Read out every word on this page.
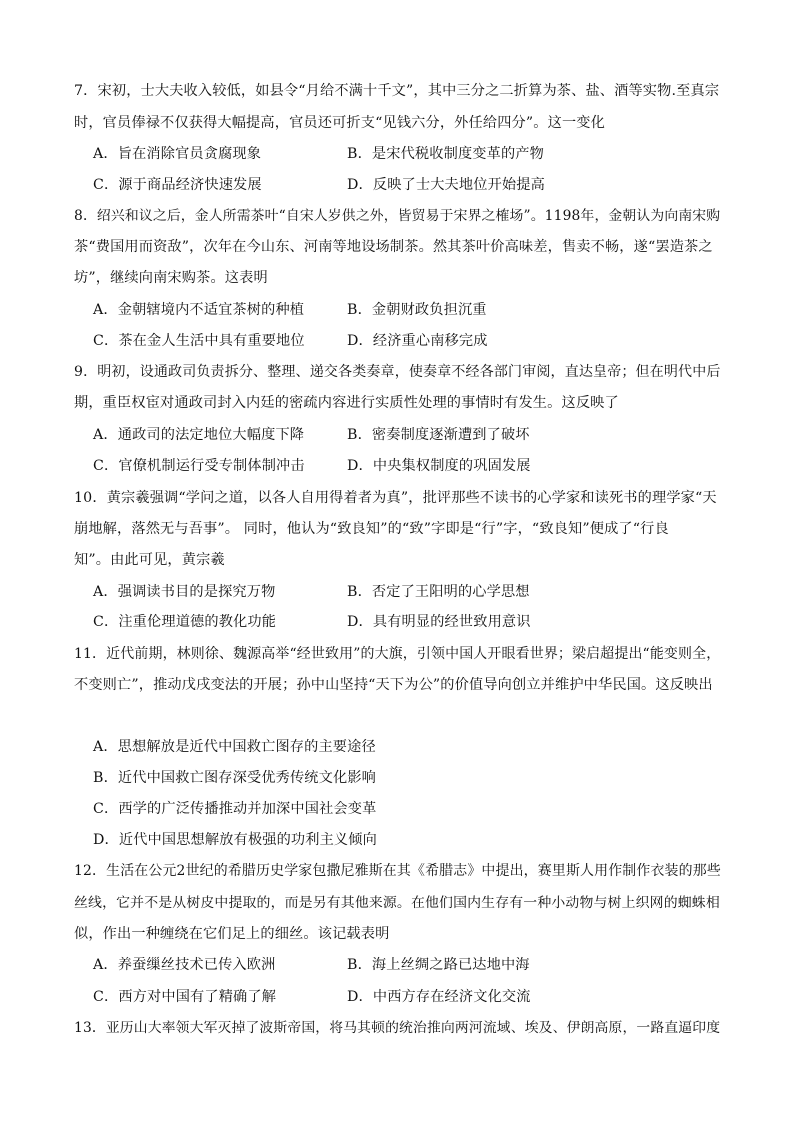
7．宋初，士大夫收入较低，如县令“月给不满十千文”，其中三分之二折算为茶、盐、酒等实物.至真宗

时，官员俸禄不仅获得大幅提高，官员还可折支“见钱六分，外任给四分”。这一变化

A．旨在消除官员贪腐现象	B．是宋代税收制度变革的产物

C．源于商品经济快速发展	D．反映了士大夫地位开始提高

8．绍兴和议之后，金人所需茶叶“自宋人岁供之外，皆贸易于宋界之榷场”。1198年，金朝认为向南宋购

茶“费国用而资敌”，次年在今山东、河南等地设场制茶。然其茶叶价高味差，售卖不畅，遂“罢造茶之

坊”，继续向南宋购茶。这表明

A．金朝辖境内不适宜茶树的种植	B．金朝财政负担沉重

C．茶在金人生活中具有重要地位	D．经济重心南移完成

9．明初，设通政司负责拆分、整理、递交各类奏章，使奏章不经各部门审阅，直达皇帝；但在明代中后

期，重臣权宦对通政司封入内廷的密疏内容进行实质性处理的事情时有发生。这反映了

A．通政司的法定地位大幅度下降	B．密奏制度逐渐遭到了破坏

C．官僚机制运行受专制体制冲击	D．中央集权制度的巩固发展

10．黄宗羲强调“学问之道，以各人自用得着者为真”，批评那些不读书的心学家和读死书的理学家“天

崩地解，落然无与吾事”。 同时，他认为“致良知”的“致”字即是“行”字，“致良知”便成了“行良

知”。由此可见，黄宗羲

A．强调读书目的是探究万物	B．否定了王阳明的心学思想

C．注重伦理道德的教化功能	D．具有明显的经世致用意识

11．近代前期，林则徐、魏源高举“经世致用”的大旗，引领中国人开眼看世界；梁启超提出“能变则全，

不变则亡”，推动戊戌变法的开展；孙中山坚持“天下为公”的价值导向创立并维护中华民国。这反映出

A．思想解放是近代中国救亡图存的主要途径

B．近代中国救亡图存深受优秀传统文化影响

C．西学的广泛传播推动并加深中国社会变革

D．近代中国思想解放有极强的功利主义倾向

12．生活在公元2世纪的希腊历史学家包撒尼雅斯在其《希腊志》中提出，赛里斯人用作制作衣装的那些

丝线，它并不是从树皮中提取的，而是另有其他来源。在他们国内生存有一种小动物与树上织网的蜘蛛相

似，作出一种缠绕在它们足上的细丝。该记载表明

A．养蚕缫丝技术已传入欧洲	B．海上丝绸之路已达地中海

C．西方对中国有了精确了解	D．中西方存在经济文化交流

13．亚历山大率领大军灭掉了波斯帝国，将马其顿的统治推向两河流域、埃及、伊朗高原，一路直逼印度
